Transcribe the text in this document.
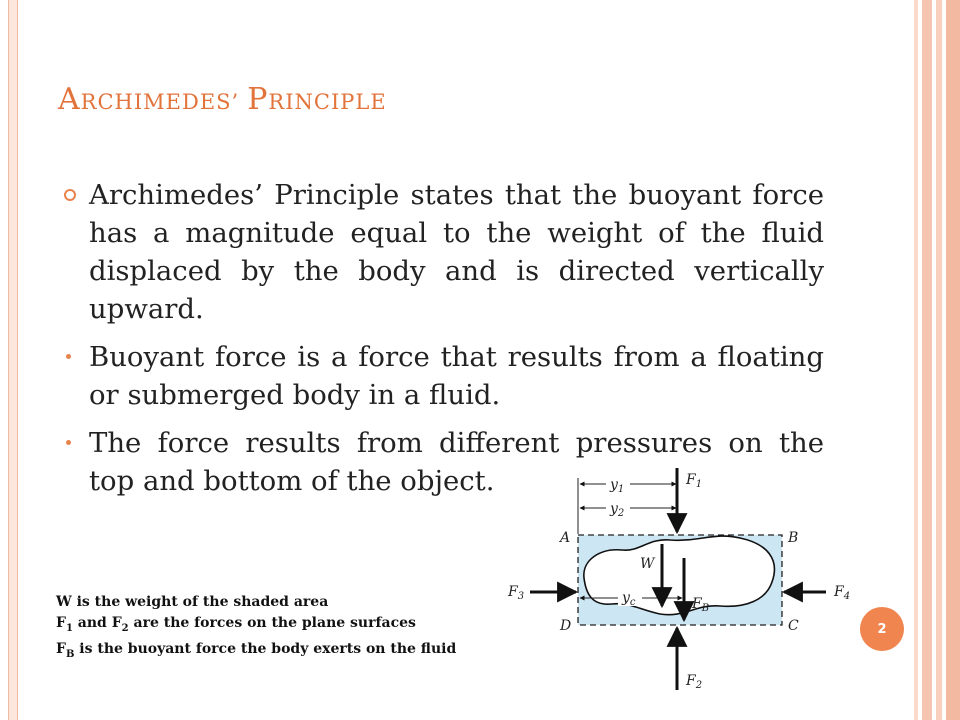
ARCHIMEDES’ PRINCIPLE

Archimedes’ Principle states that the buoyant force has a magnitude equal to the weight of the fluid displaced by the body and is directed vertically upward.

Buoyant force is a force that results from a floating or submerged body in a fluid.

The force results from different pressures on the top and bottom of the object.

W is the weight of the shaded area
$F_1$ and $F_2$ are the forces on the plane surfaces
$F_B$ is the buoyant force the body exerts on the fluid
$y_1$
$y_2$
$y_c$
$F_1$
W
$F_B$
$F_2$
$F_3$	$F_4$
A	B
C
D	2
